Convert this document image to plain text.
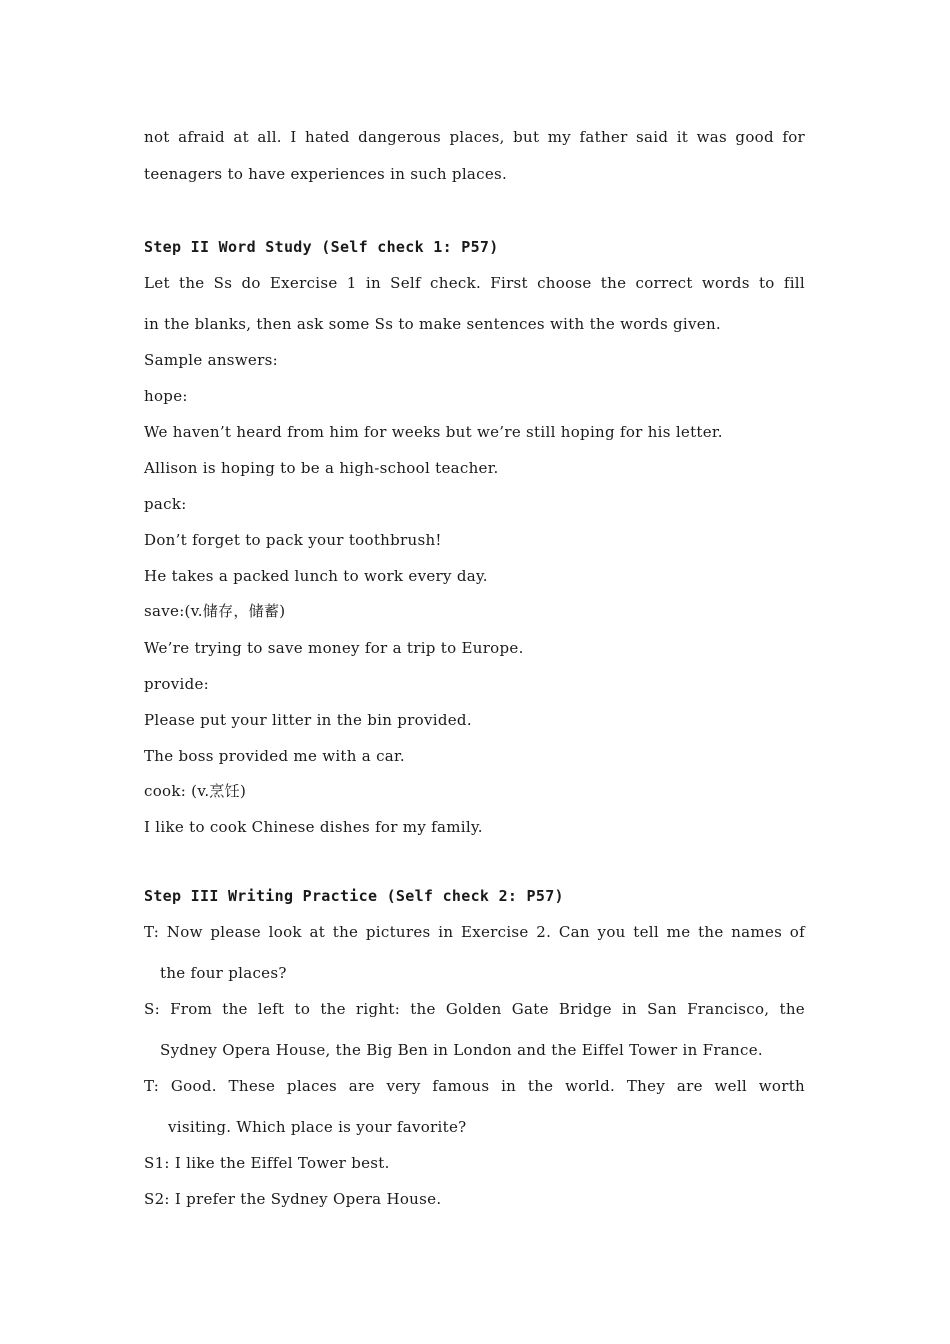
not afraid at all. I hated dangerous places, but my father said it was good for
teenagers to have experiences in such places.
Step II Word Study (Self check 1: P57)
Let the Ss do Exercise 1 in Self check. First choose the correct words to fill
in the blanks, then ask some Ss to make sentences with the words given.
Sample answers:
hope:
We haven’t heard from him for weeks but we’re still hoping for his letter.
Allison is hoping to be a high-school teacher.
pack:
Don’t forget to pack your toothbrush!
He takes a packed lunch to work every day.
save:(v.储存，储蓄)
We’re trying to save money for a trip to Europe.
provide:
Please put your litter in the bin provided.
The boss provided me with a car.
cook: (v.烹饪)
I like to cook Chinese dishes for my family.
Step III Writing Practice (Self check 2: P57)
T: Now please look at the pictures in Exercise 2. Can you tell me the names of
the four places?
S: From the left to the right: the Golden Gate Bridge in San Francisco, the
Sydney Opera House, the Big Ben in London and the Eiffel Tower in France.
T: Good. These places are very famous in the world. They are well worth
visiting. Which place is your favorite?
S1: I like the Eiffel Tower best.
S2: I prefer the Sydney Opera House.
